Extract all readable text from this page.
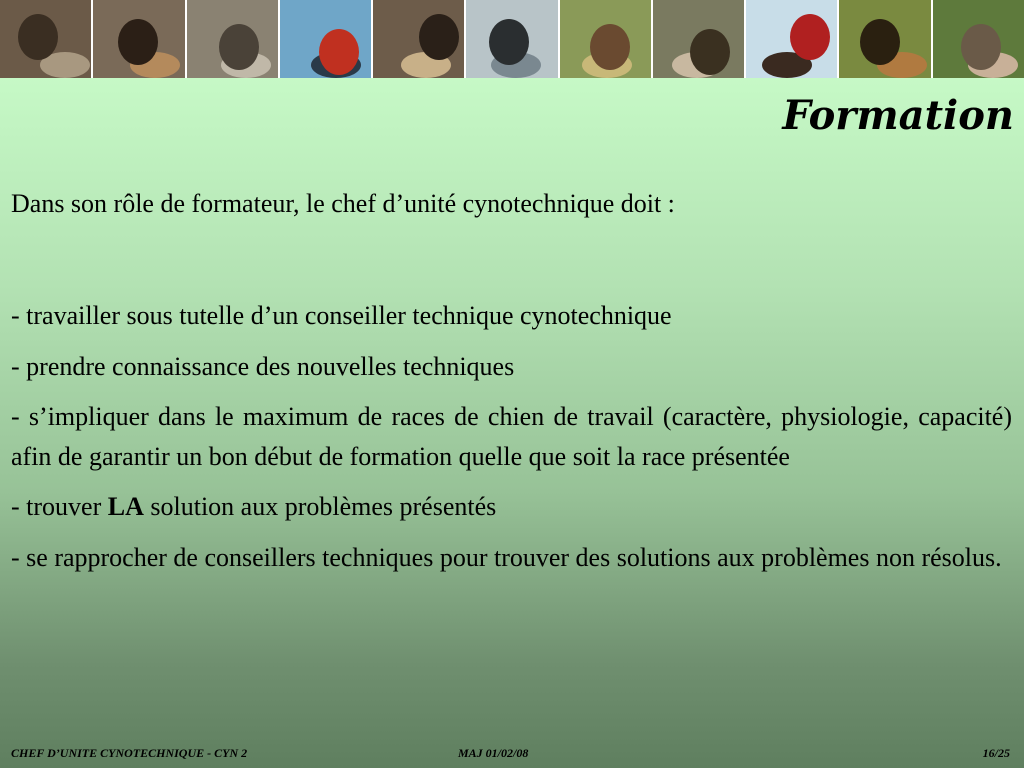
Formation

Dans son rôle de formateur, le chef d’unité cynotechnique doit :

- travailler sous tutelle d’un conseiller technique cynotechnique

- prendre connaissance des nouvelles techniques

- s’impliquer dans le maximum de races de chien de travail (caractère, physiologie, capacité) afin de garantir un bon début de formation quelle que soit la race présentée

- trouver LA solution aux problèmes présentés

- se rapprocher de conseillers techniques pour trouver des solutions aux problèmes non résolus.

CHEF D’UNITE CYNOTECHNIQUE - CYN 2	MAJ 01/02/08	16/25
